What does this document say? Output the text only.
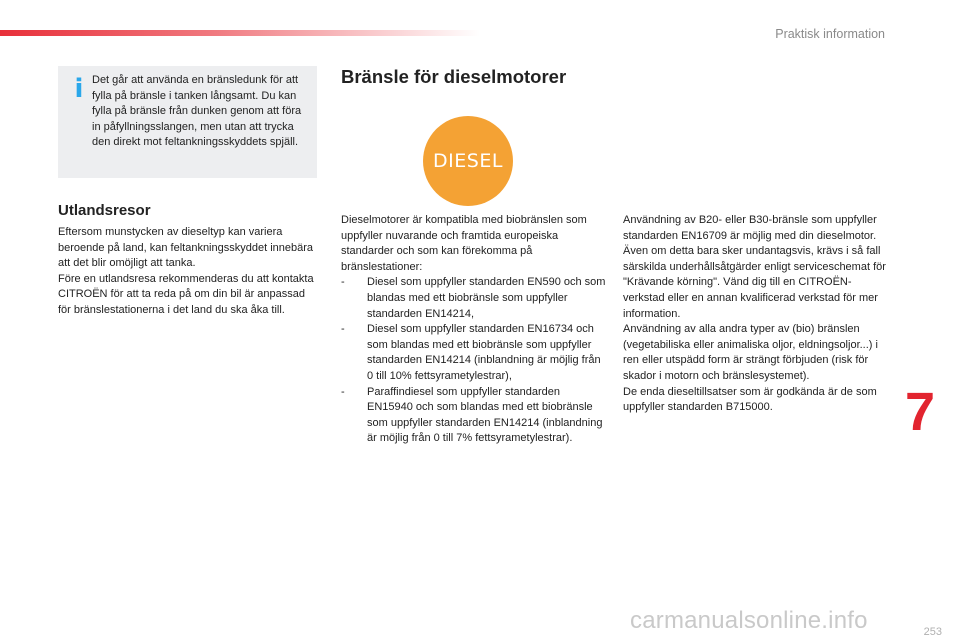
Praktisk information
i Det går att använda en bränsledunk för att fylla på bränsle i tanken långsamt. Du kan fylla på bränsle från dunken genom att föra in påfyllningsslangen, men utan att trycka den direkt mot feltankningsskyddets spjäll.
Utlandsresor

Eftersom munstycken av dieseltyp kan variera beroende på land, kan feltankningsskyddet innebära att det blir omöjligt att tanka.

Före en utlandsresa rekommenderas du att kontakta CITROËN för att ta reda på om din bil är anpassad för bränslestationerna i det land du ska åka till.

Bränsle för dieselmotorer
DIESEL

Dieselmotorer är kompatibla med biobränslen som uppfyller nuvarande och framtida europeiska standarder och som kan förekomma på bränslestationer:

- Diesel som uppfyller standarden EN590 och som blandas med ett biobränsle som uppfyller standarden EN14214,
- Diesel som uppfyller standarden EN16734 och som blandas med ett biobränsle som uppfyller standarden EN14214 (inblandning är möjlig från 0 till 10% fettsyrametylestrar),
- Paraffindiesel som uppfyller standarden EN15940 och som blandas med ett biobränsle som uppfyller standarden EN14214 (inblandning är möjlig från 0 till 7% fettsyrametylestrar).

Användning av B20- eller B30-bränsle som uppfyller standarden EN16709 är möjlig med din dieselmotor. Även om detta bara sker undantagsvis, krävs i så fall särskilda underhållsåtgärder enligt serviceschemat för "Krävande körning". Vänd dig till en CITROËN-verkstad eller en annan kvalificerad verkstad för mer information.

Användning av alla andra typer av (bio) bränslen (vegetabiliska eller animaliska oljor, eldningsoljor...) i ren eller utspädd form är strängt förbjuden (risk för skador i motorn och bränslesystemet).

De enda dieseltillsatser som är godkända är de som uppfyller standarden B715000.	7
253
carmanualsonline.info
